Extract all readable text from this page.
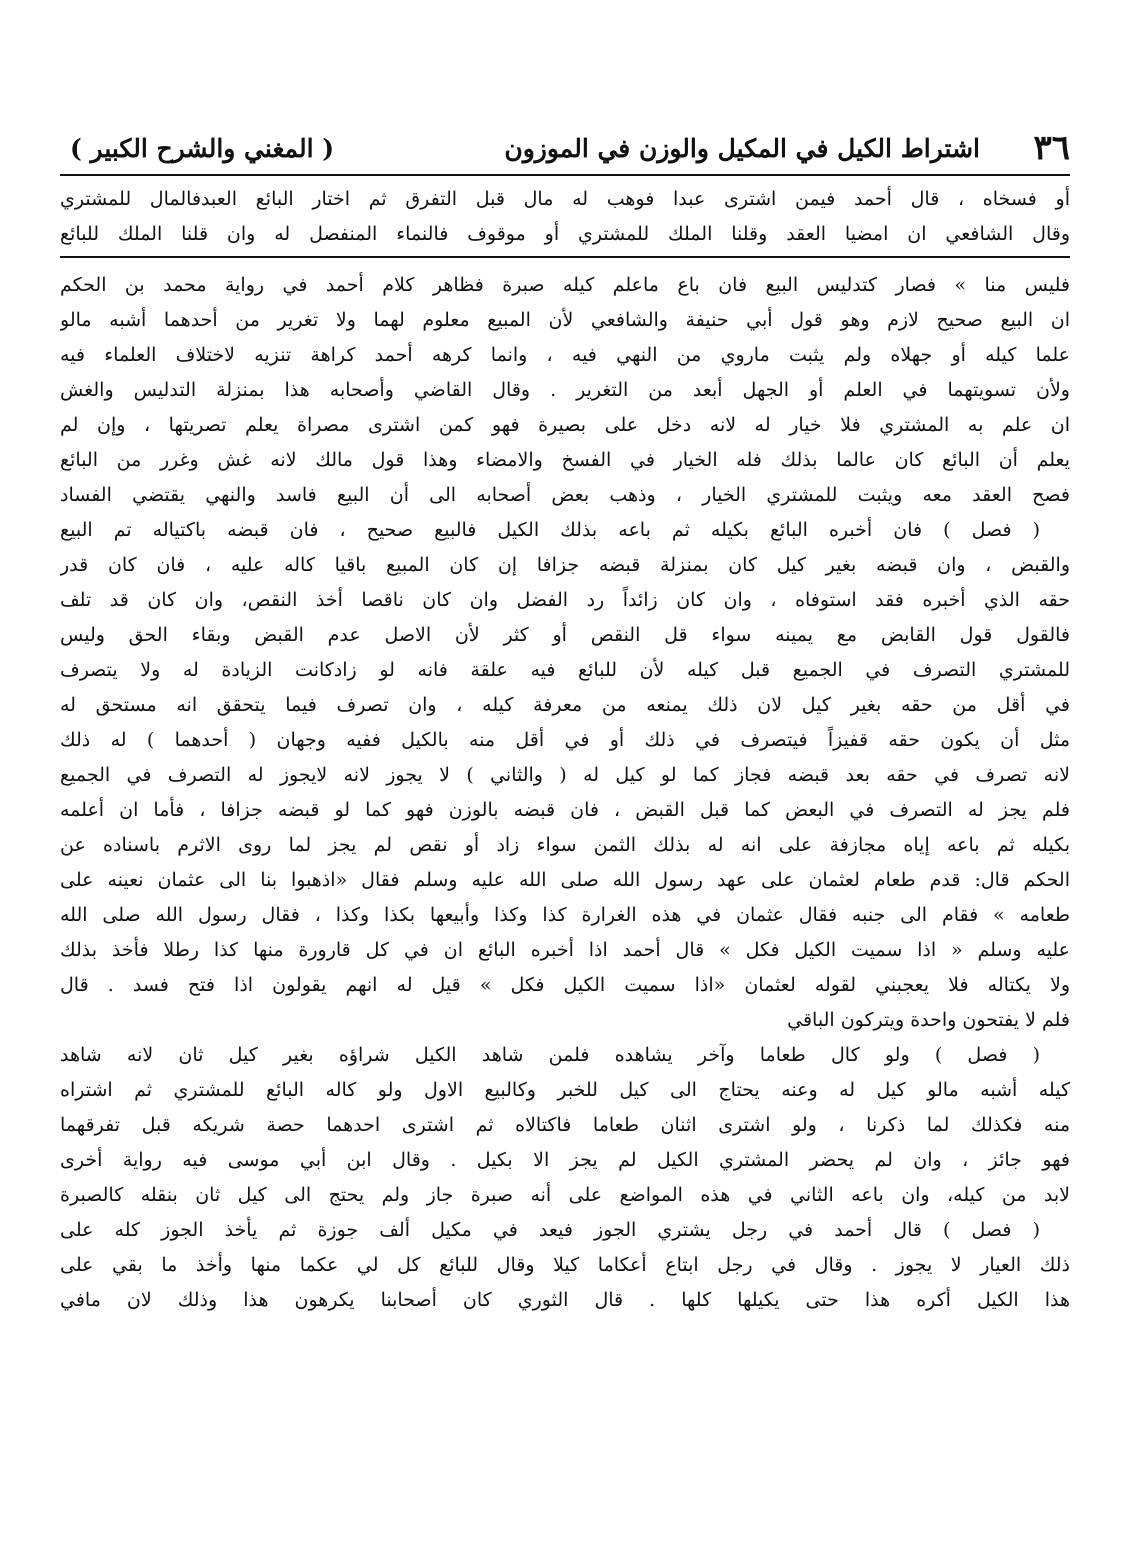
٣٦
اشتراط الكيل في المكيل والوزن في الموزون
( المغني والشرح الكبير )
أو فسخاه ، قال أحمد فيمن اشترى عبدا فوهب له مال قبل التفرق ثم اختار البائع العبدفالمال للمشتري
وقال الشافعي ان امضيا العقد وقلنا الملك للمشتري أو موقوف فالنماء المنفصل له وان قلنا الملك للبائع
فليس منا » فصار كتدليس البيع فان باع ماعلم كيله صبرة فظاهر كلام أحمد في رواية محمد بن الحكم
ان البيع صحيح لازم وهو قول أبي حنيفة والشافعي لأن المبيع معلوم لهما ولا تغرير من أحدهما أشبه مالو
علما كيله أو جهلاه ولم يثبت ماروي من النهي فيه ، وانما كرهه أحمد كراهة تنزيه لاختلاف العلماء فيه
ولأن تسويتهما في العلم أو الجهل أبعد من التغرير . وقال القاضي وأصحابه هذا بمنزلة التدليس والغش
ان علم به المشتري فلا خيار له لانه دخل على بصيرة فهو كمن اشترى مصراة يعلم تصريتها ، وإن لم
يعلم أن البائع كان عالما بذلك فله الخيار في الفسخ والامضاء وهذا قول مالك لانه غش وغرر من البائع
فصح العقد معه ويثبت للمشتري الخيار ، وذهب بعض أصحابه الى أن البيع فاسد والنهي يقتضي الفساد
( فصل ) فان أخبره البائع بكيله ثم باعه بذلك الكيل فالبيع صحيح ، فان قبضه باكتياله تم البيع
والقبض ، وان قبضه بغير كيل كان بمنزلة قبضه جزافا إن كان المبيع باقيا كاله عليه ، فان كان قدر
حقه الذي أخبره فقد استوفاه ، وان كان زائداً رد الفضل وان كان ناقصا أخذ النقص، وان كان قد تلف
فالقول قول القابض مع يمينه سواء قل النقص أو كثر لأن الاصل عدم القبض وبقاء الحق وليس
للمشتري التصرف في الجميع قبل كيله لأن للبائع فيه علقة فانه لو زادكانت الزيادة له ولا يتصرف
في أقل من حقه بغير كيل لان ذلك يمنعه من معرفة كيله ، وان تصرف فيما يتحقق انه مستحق له
مثل أن يكون حقه قفيزاً فيتصرف في ذلك أو في أقل منه بالكيل ففيه وجهان ( أحدهما ) له ذلك
لانه تصرف في حقه بعد قبضه فجاز كما لو كيل له ( والثاني ) لا يجوز لانه لايجوز له التصرف في الجميع
فلم يجز له التصرف في البعض كما قبل القبض ، فان قبضه بالوزن فهو كما لو قبضه جزافا ، فأما ان أعلمه
بكيله ثم باعه إياه مجازفة على انه له بذلك الثمن سواء زاد أو نقص لم يجز لما روى الاثرم باسناده عن
الحكم قال: قدم طعام لعثمان على عهد رسول الله صلى الله عليه وسلم فقال «اذهبوا بنا الى عثمان نعينه على
طعامه » فقام الى جنبه فقال عثمان في هذه الغرارة كذا وكذا وأبيعها بكذا وكذا ، فقال رسول الله صلى الله
عليه وسلم « اذا سميت الكيل فكل » قال أحمد اذا أخبره البائع ان في كل قارورة منها كذا رطلا فأخذ بذلك
ولا يكتاله فلا يعجبني لقوله لعثمان «اذا سميت الكيل فكل » قيل له انهم يقولون اذا فتح فسد . قال
فلم لا يفتحون واحدة ويتركون الباقي
( فصل ) ولو كال طعاما وآخر يشاهده فلمن شاهد الكيل شراؤه بغير كيل ثان لانه شاهد
كيله أشبه مالو كيل له وعنه يحتاج الى كيل للخبر وكالبيع الاول ولو كاله البائع للمشتري ثم اشتراه
منه فكذلك لما ذكرنا ، ولو اشترى اثنان طعاما فاكتالاه ثم اشترى احدهما حصة شريكه قبل تفرقهما
فهو جائز ، وان لم يحضر المشتري الكيل لم يجز الا بكيل . وقال ابن أبي موسى فيه رواية أخرى
لابد من كيله، وان باعه الثاني في هذه المواضع على أنه صبرة جاز ولم يحتج الى كيل ثان بنقله كالصبرة
( فصل ) قال أحمد في رجل يشتري الجوز فيعد في مكيل ألف جوزة ثم يأخذ الجوز كله على
ذلك العيار لا يجوز . وقال في رجل ابتاع أعكاما كيلا وقال للبائع كل لي عكما منها وأخذ ما بقي على
هذا الكيل أكره هذا حتى يكيلها كلها . قال الثوري كان أصحابنا يكرهون هذا وذلك لان مافي
